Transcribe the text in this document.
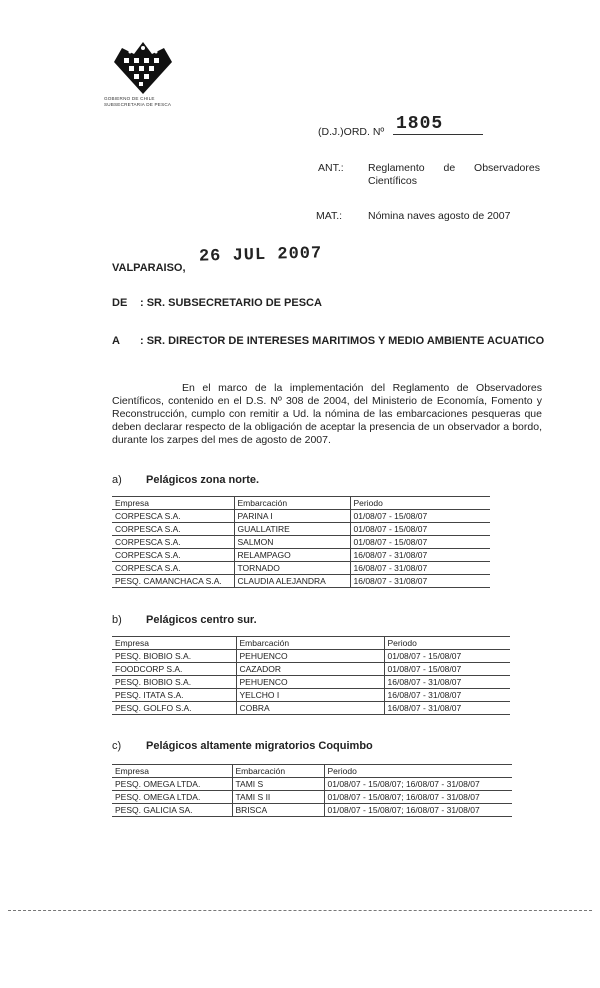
GOBIERNO DE CHILE
SUBSECRETARIA DE PESCA
(D.J.)ORD. Nº 1805
ANT.: Reglamento de Observadores Científicos
MAT.: Nómina naves agosto de 2007
VALPARAISO,
26 JUL 2007
DE : SR. SUBSECRETARIO DE PESCA
A : SR. DIRECTOR DE INTERESES MARITIMOS Y MEDIO AMBIENTE ACUATICO
En el marco de la implementación del Reglamento de Observadores Científicos, contenido en el D.S. Nº 308 de 2004, del Ministerio de Economía, Fomento y Reconstrucción, cumplo con remitir a Ud. la nómina de las embarcaciones pesqueras que deben declarar respecto de la obligación de aceptar la presencia de un observador a bordo, durante los zarpes del mes de agosto de 2007.
a) Pelágicos zona norte.
Empresa	Embarcación	Periodo
CORPESCA S.A.	PARINA I	01/08/07 - 15/08/07
CORPESCA S.A.	GUALLATIRE	01/08/07 - 15/08/07
CORPESCA S.A.	SALMON	01/08/07 - 15/08/07
CORPESCA S.A.	RELAMPAGO	16/08/07 - 31/08/07
CORPESCA S.A.	TORNADO	16/08/07 - 31/08/07
PESQ. CAMANCHACA S.A.	CLAUDIA ALEJANDRA	16/08/07 - 31/08/07
b) Pelágicos centro sur.
Empresa	Embarcación	Periodo
PESQ. BIOBIO S.A.	PEHUENCO	01/08/07 - 15/08/07
FOODCORP S.A.	CAZADOR	01/08/07 - 15/08/07
PESQ. BIOBIO S.A.	PEHUENCO	16/08/07 - 31/08/07
PESQ. ITATA S.A.	YELCHO I	16/08/07 - 31/08/07
PESQ. GOLFO S.A.	COBRA	16/08/07 - 31/08/07
c) Pelágicos altamente migratorios Coquimbo
Empresa	Embarcación	Periodo
PESQ. OMEGA LTDA.	TAMI S	01/08/07 - 15/08/07; 16/08/07 - 31/08/07
PESQ. OMEGA LTDA.	TAMI S II	01/08/07 - 15/08/07; 16/08/07 - 31/08/07
PESQ. GALICIA SA.	BRISCA	01/08/07 - 15/08/07; 16/08/07 - 31/08/07
